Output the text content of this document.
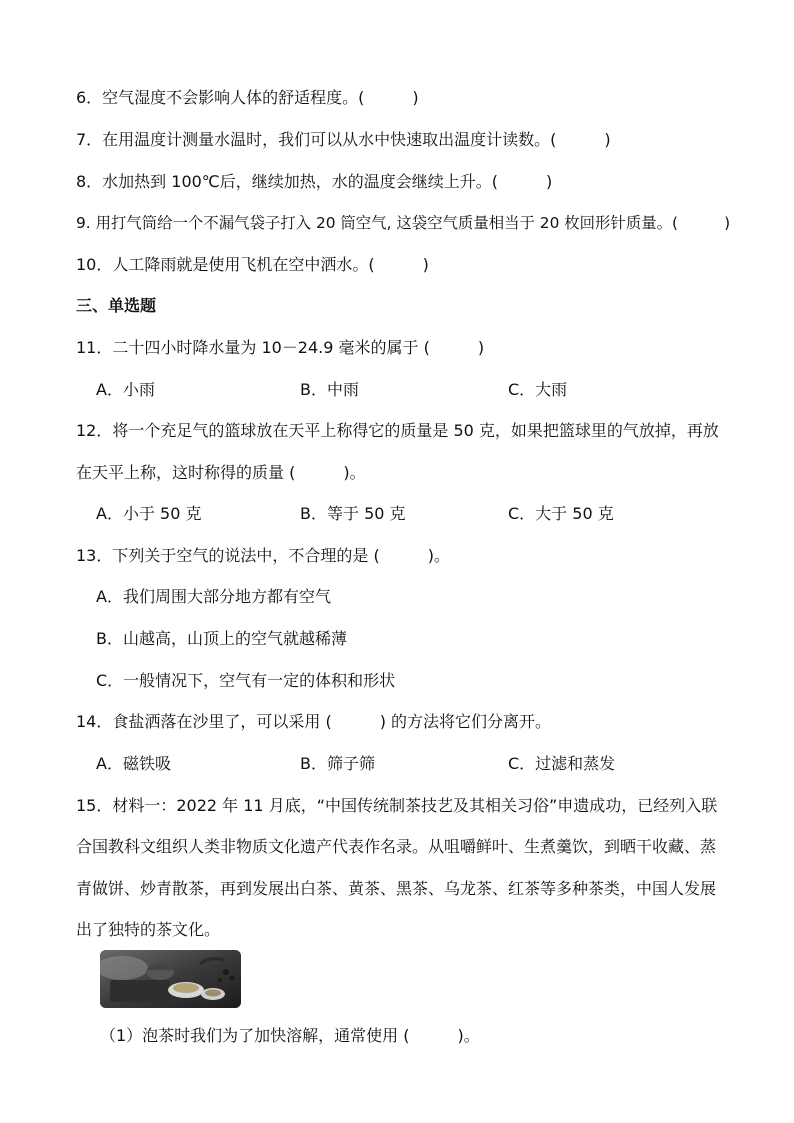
6．空气湿度不会影响人体的舒适程度。(　　　)
7．在用温度计测量水温时，我们可以从水中快速取出温度计读数。(　　　)
8．水加热到 100℃后，继续加热，水的温度会继续上升。(　　　)
9. 用打气筒给一个不漏气袋子打入 20 筒空气, 这袋空气质量相当于 20 枚回形针质量。(　　　)
10．人工降雨就是使用飞机在空中洒水。(　　　)
三、单选题
11．二十四小时降水量为 10－24.9 毫米的属于 (　　　)
A．小雨	B．中雨	C．大雨
12．将一个充足气的篮球放在天平上称得它的质量是 50 克，如果把篮球里的气放掉，再放
在天平上称，这时称得的质量 (　　　)。
A．小于 50 克	B．等于 50 克	C．大于 50 克
13．下列关于空气的说法中，不合理的是 (　　　)。
A．我们周围大部分地方都有空气
B．山越高，山顶上的空气就越稀薄
C．一般情况下，空气有一定的体积和形状
14．食盐洒落在沙里了，可以采用 (　　　) 的方法将它们分离开。
A．磁铁吸	B．筛子筛	C．过滤和蒸发
15．材料一：2022 年 11 月底，“中国传统制茶技艺及其相关习俗”申遗成功，已经列入联
合国教科文组织人类非物质文化遗产代表作名录。从咀嚼鲜叶、生煮羹饮，到晒干收藏、蒸
青做饼、炒青散茶，再到发展出白茶、黄茶、黑茶、乌龙茶、红茶等多种茶类，中国人发展
出了独特的茶文化。
（1）泡茶时我们为了加快溶解，通常使用 (　　　)。
